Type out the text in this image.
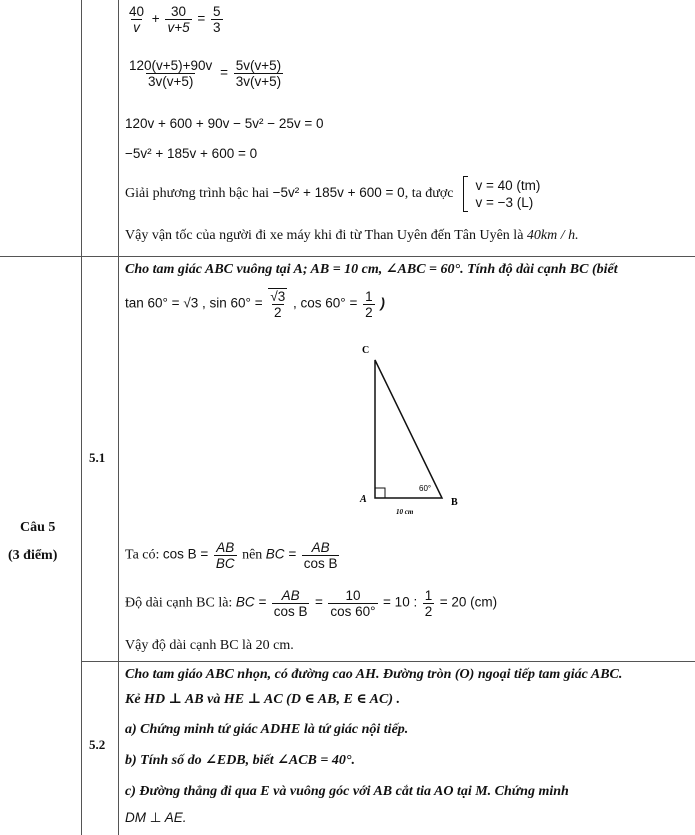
$\frac{40}{v} + \frac{30}{v+5} = \frac{5}{3}$
$\frac{120(v+5)+90v}{3v(v+5)} = \frac{5v(v+5)}{3v(v+5)}$
120v + 600 + 90v − 5v² − 25v = 0
−5v² + 185v + 600 = 0
Giải phương trình bậc hai −5v² + 185v + 600 = 0, ta được
v = 40 (tm)
v = −3 (L)
Vậy vận tốc của người đi xe máy khi đi từ Than Uyên đến Tân Uyên là 40km / h.
Câu 5
(3 điểm)
5.1
5.2
Cho tam giác ABC vuông tại A; AB = 10 cm, ∠ABC = 60°. Tính độ dài cạnh BC (biết
tan 60° = √3 , $\sin 60^\circ = \frac{√3}{2}$ , $\cos 60^\circ = \frac{1}{2}$ )
C
A	B
60°
10 cm
Ta có: $\cos B = \frac{AB}{BC}$ nên BC = $\frac{AB}{\text{cos B}}$
Độ dài cạnh BC là: BC = $\frac{AB}{\text{cos B}} = \frac{10}{\cos 60^\circ} = 10$ : $\frac{1}{2} = 20$ (cm)
Vậy độ dài cạnh BC là 20 cm.
Cho tam giáo ABC nhọn, có đường cao AH. Đường tròn (O) ngoại tiếp tam giác ABC.
Kẻ HD ⊥ AB và HE ⊥ AC (D ∈ AB, E ∈ AC) .
a) Chứng minh tứ giác ADHE là tứ giác nội tiếp.
b) Tính số do ∠EDB, biết ∠ACB = 40°.
c) Đường thẳng đi qua E và vuông góc với AB cắt tia AO tại M. Chứng minh
DM ⊥ AE.
